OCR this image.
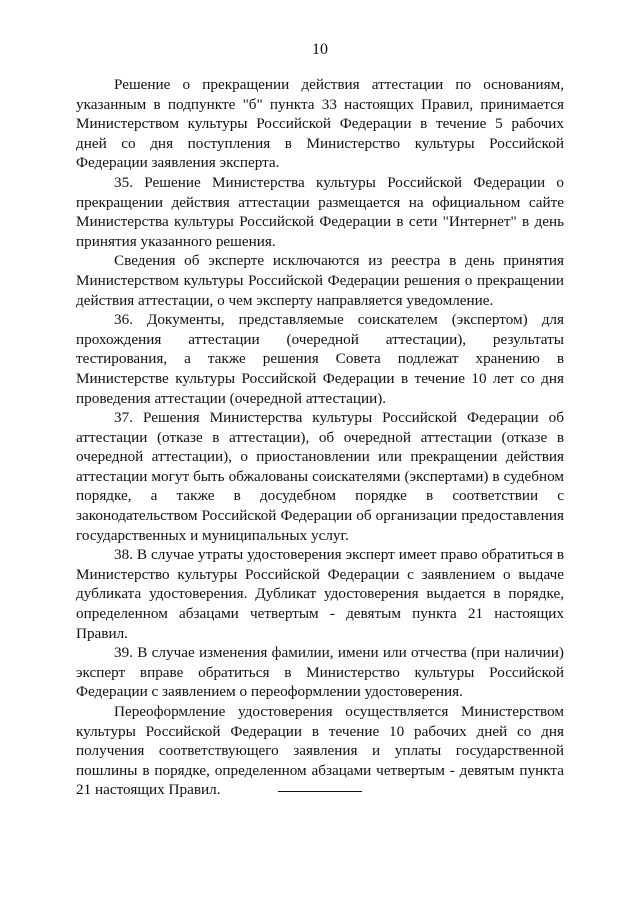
10

Решение о прекращении действия аттестации по основаниям, указанным в подпункте "б" пункта 33 настоящих Правил, принимается Министерством культуры Российской Федерации в течение 5 рабочих дней со дня поступления в Министерство культуры Российской Федерации заявления эксперта.

35. Решение Министерства культуры Российской Федерации о прекращении действия аттестации размещается на официальном сайте Министерства культуры Российской Федерации в сети "Интернет" в день принятия указанного решения.

Сведения об эксперте исключаются из реестра в день принятия Министерством культуры Российской Федерации решения о прекращении действия аттестации, о чем эксперту направляется уведомление.

36. Документы, представляемые соискателем (экспертом) для прохождения аттестации (очередной аттестации), результаты тестирования, а также решения Совета подлежат хранению в Министерстве культуры Российской Федерации в течение 10 лет со дня проведения аттестации (очередной аттестации).

37. Решения Министерства культуры Российской Федерации об аттестации (отказе в аттестации), об очередной аттестации (отказе в очередной аттестации), о приостановлении или прекращении действия аттестации могут быть обжалованы соискателями (экспертами) в судебном порядке, а также в досудебном порядке в соответствии с законодательством Российской Федерации об организации предоставления государственных и муниципальных услуг.

38. В случае утраты удостоверения эксперт имеет право обратиться в Министерство культуры Российской Федерации с заявлением о выдаче дубликата удостоверения. Дубликат удостоверения выдается в порядке, определенном абзацами четвертым - девятым пункта 21 настоящих Правил.

39. В случае изменения фамилии, имени или отчества (при наличии) эксперт вправе обратиться в Министерство культуры Российской Федерации с заявлением о переоформлении удостоверения.

Переоформление удостоверения осуществляется Министерством культуры Российской Федерации в течение 10 рабочих дней со дня получения соответствующего заявления и уплаты государственной пошлины в порядке, определенном абзацами четвертым - девятым пункта 21 настоящих Правил.
